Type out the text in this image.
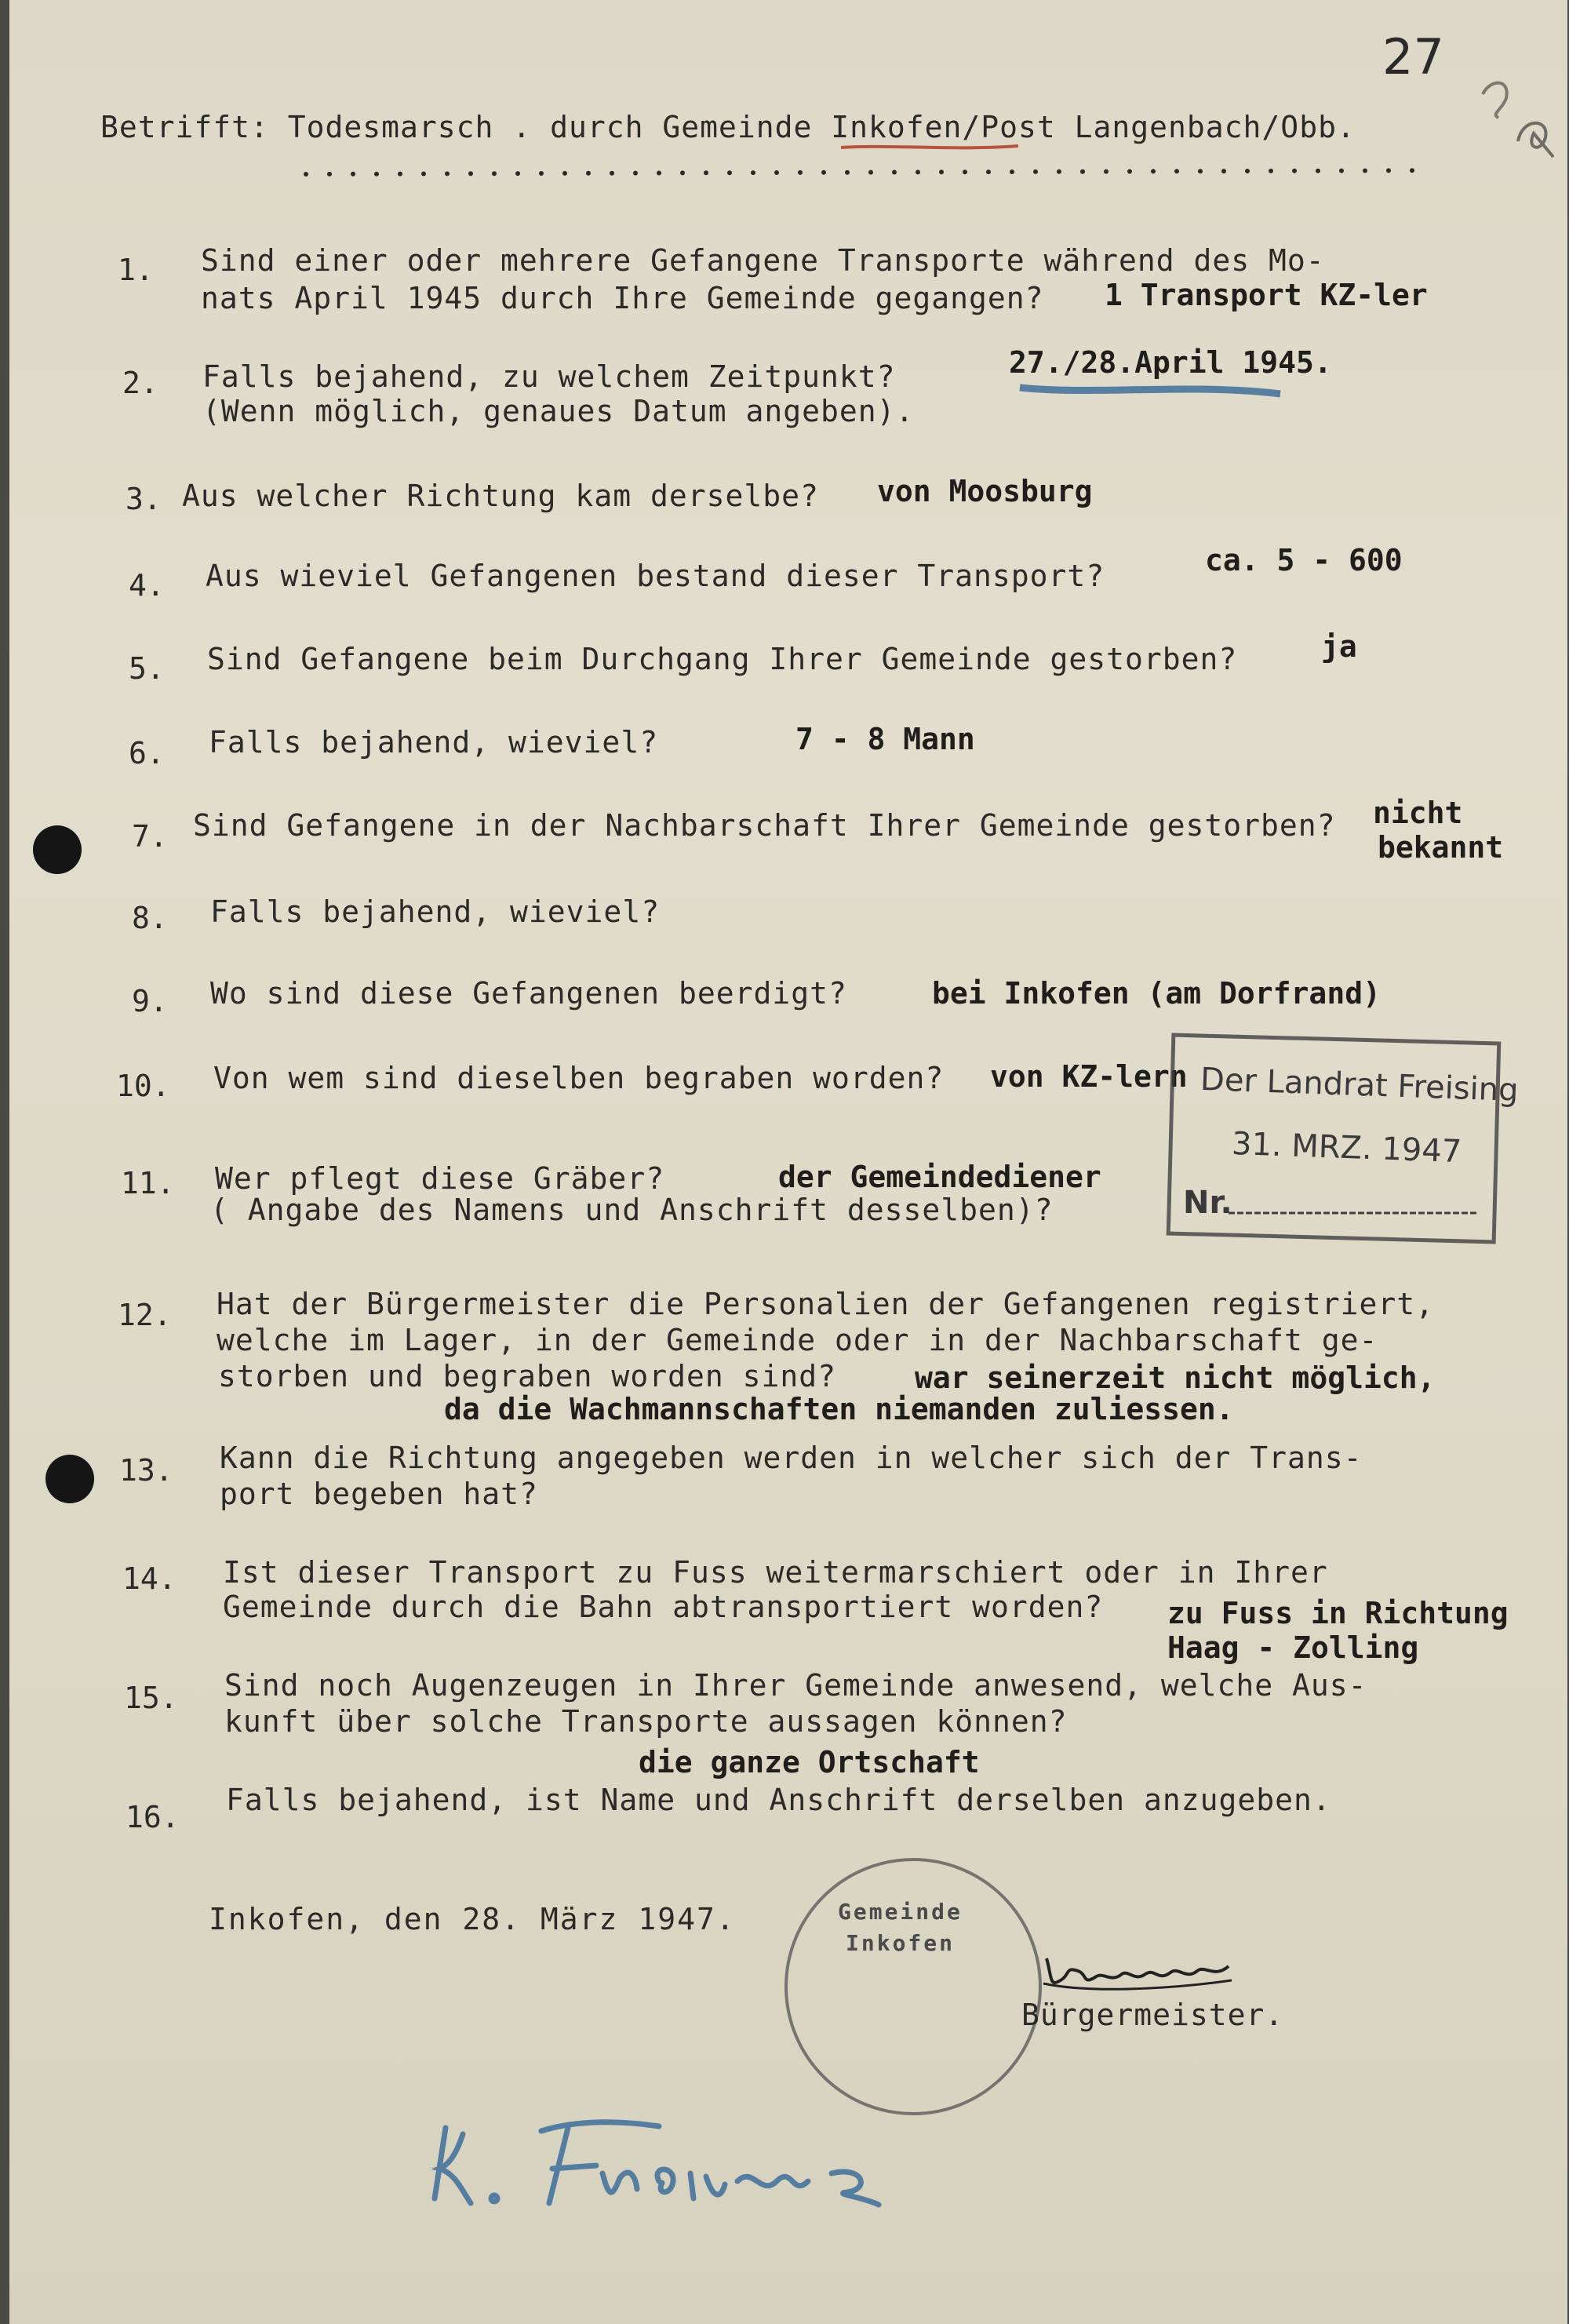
27
Betrifft: Todesmarsch . durch Gemeinde Inkofen/Post Langenbach/Obb.
1. Sind einer oder mehrere Gefangene Transporte während des Mo-
nats April 1945 durch Ihre Gemeinde gegangen? 1 Transport KZ-ler
2. Falls bejahend, zu welchem Zeitpunkt?
(Wenn möglich, genaues Datum angeben).
27./28.April 1945.
3. Aus welcher Richtung kam derselbe? von Moosburg
4. Aus wieviel Gefangenen bestand dieser Transport?	ca. 5 - 600
5. Sind Gefangene beim Durchgang Ihrer Gemeinde gestorben?	ja
6. Falls bejahend, wieviel?	7 - 8 Mann
7. Sind Gefangene in der Nachbarschaft Ihrer Gemeinde gestorben? nicht
bekannt
8. Falls bejahend, wieviel?
9. Wo sind diese Gefangenen beerdigt?	bei Inkofen (am Dorfrand)
10. Von wem sind dieselben begraben worden? von KZ-lern
11. Wer pflegt diese Gräber?
( Angabe des Namens und Anschrift desselben)?
der Gemeindediener
12. Hat der Bürgermeister die Personalien der Gefangenen registriert,
welche im Lager, in der Gemeinde oder in der Nachbarschaft ge-
storben und begraben worden sind?	war seinerzeit nicht möglich,
da die Wachmannschaften niemanden zuliessen.
13. Kann die Richtung angegeben werden in welcher sich der Trans-
port begeben hat?
14. Ist dieser Transport zu Fuss weitermarschiert oder in Ihrer
Gemeinde durch die Bahn abtransportiert worden? zu Fuss in Richtung
Haag - Zolling
15. Sind noch Augenzeugen in Ihrer Gemeinde anwesend, welche Aus-
kunft über solche Transporte aussagen können?
die ganze Ortschaft
16. Falls bejahend, ist Name und Anschrift derselben anzugeben.
Der Landrat Freising
31. MRZ. 1947
Nr.
Inkofen, den 28. März 1947.	Gemeinde
Inkofen
Bürgermeister.
